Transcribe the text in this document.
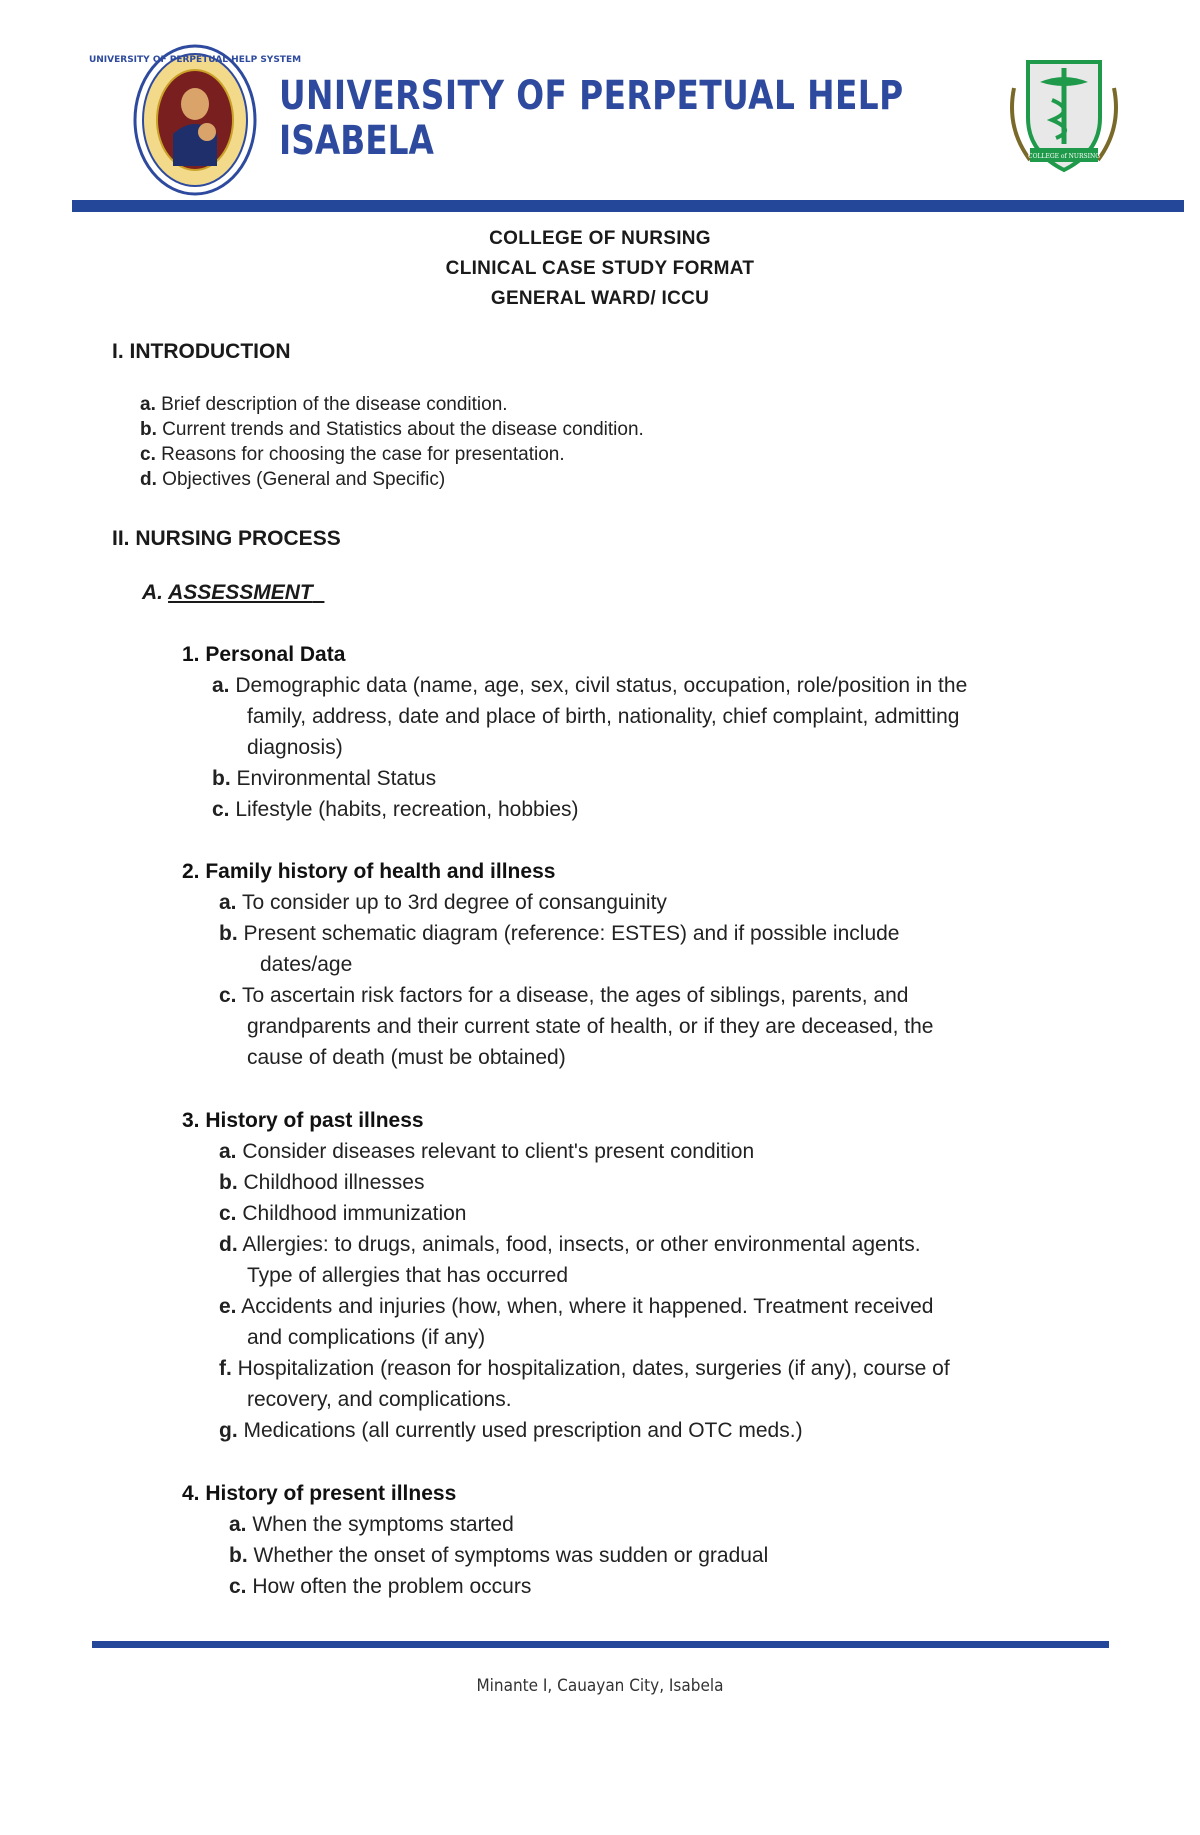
UNIVERSITY OF PERPETUAL HELP SYSTEM
UNIVERSITY OF PERPETUAL HELP
ISABELA	COLLEGE of NURSING
COLLEGE OF NURSING
CLINICAL CASE STUDY FORMAT
GENERAL WARD/ ICCU
I. INTRODUCTION
a. Brief description of the disease condition.
b. Current trends and Statistics about the disease condition.
c. Reasons for choosing the case for presentation.
d. Objectives (General and Specific)
II. NURSING PROCESS
A. ASSESSMENT
1. Personal Data
a. Demographic data (name, age, sex, civil status, occupation, role/position in the
family, address, date and place of birth, nationality, chief complaint, admitting
diagnosis)
b. Environmental Status
c. Lifestyle (habits, recreation, hobbies)
2. Family history of health and illness
a. To consider up to 3rd degree of consanguinity
b. Present schematic diagram (reference: ESTES) and if possible include
dates/age
c. To ascertain risk factors for a disease, the ages of siblings, parents, and
grandparents and their current state of health, or if they are deceased, the
cause of death (must be obtained)
3. History of past illness
a. Consider diseases relevant to client's present condition
b. Childhood illnesses
c. Childhood immunization
d. Allergies: to drugs, animals, food, insects, or other environmental agents.
Type of allergies that has occurred
e. Accidents and injuries (how, when, where it happened. Treatment received
and complications (if any)
f. Hospitalization (reason for hospitalization, dates, surgeries (if any), course of
recovery, and complications.
g. Medications (all currently used prescription and OTC meds.)
4. History of present illness
a. When the symptoms started
b. Whether the onset of symptoms was sudden or gradual
c. How often the problem occurs
Minante I, Cauayan City, Isabela
